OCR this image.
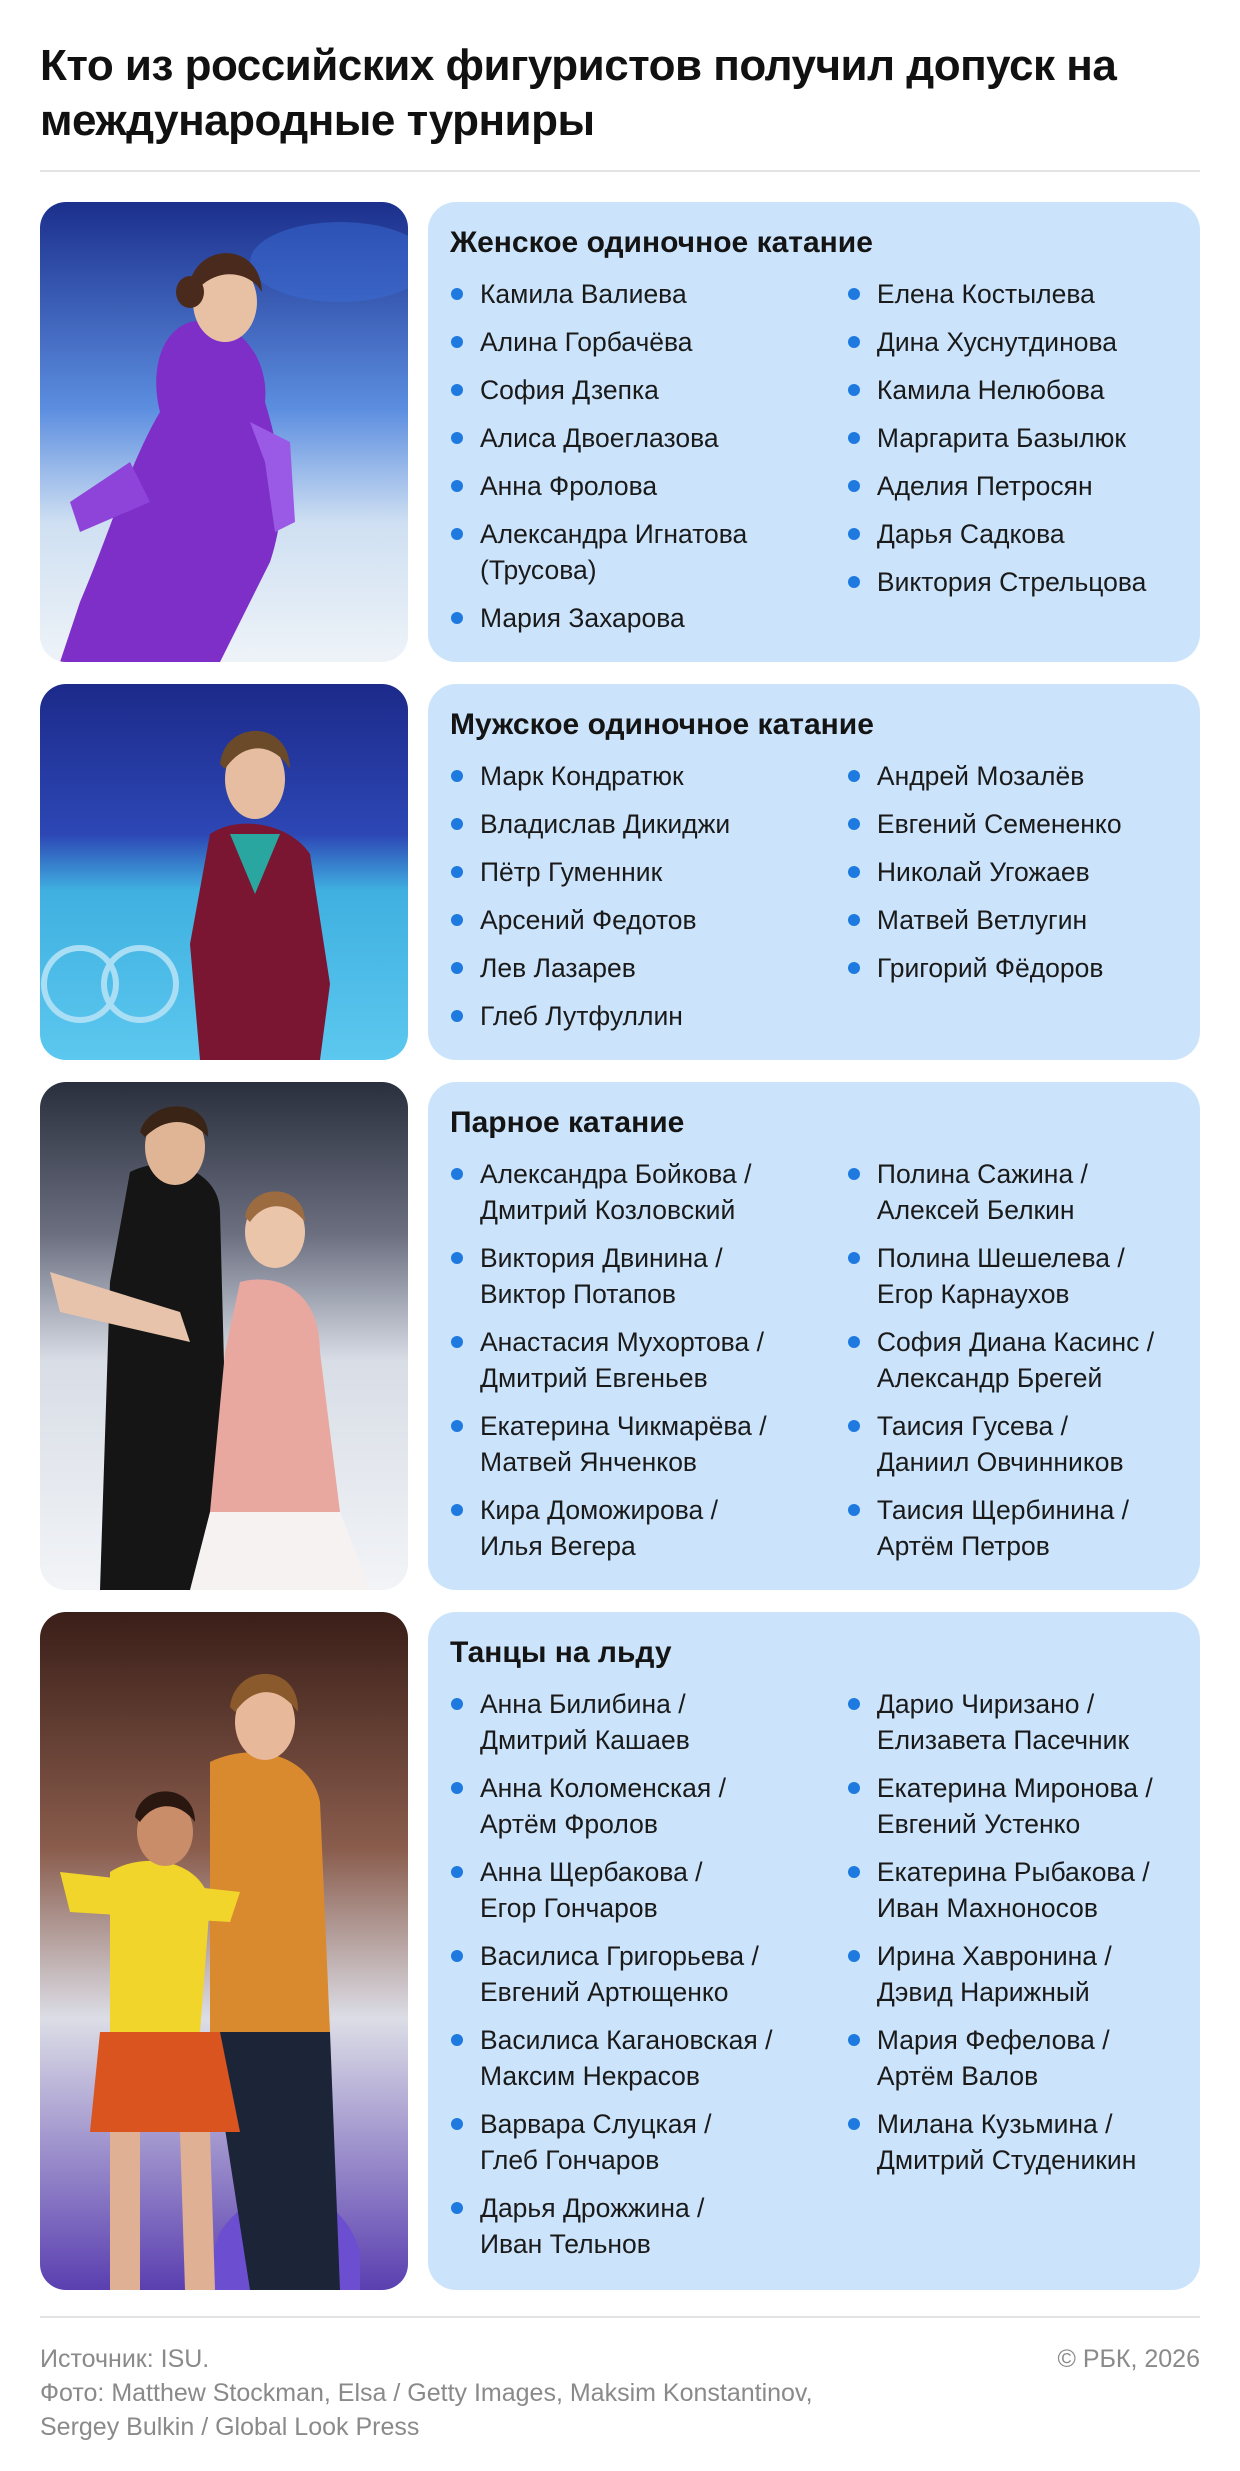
Кто из российских фигуристов получил допуск на международные турниры
Женское одиночное катание
Камила Валиева
Алина Горбачёва
София Дзепка
Алиса Двоеглазова
Анна Фролова
Александра Игнатова (Трусова)
Мария Захарова
Елена Костылева
Дина Хуснутдинова
Камила Нелюбова
Маргарита Базылюк
Аделия Петросян
Дарья Садкова
Виктория Стрельцова
Мужское одиночное катание
Марк Кондратюк
Владислав Дикиджи
Пётр Гуменник
Арсений Федотов
Лев Лазарев
Глеб Лутфуллин
Андрей Мозалёв
Евгений Семененко
Николай Угожаев
Матвей Ветлугин
Григорий Фёдоров
Парное катание
Александра Бойкова /
Дмитрий Козловский
Виктория Двинина /
Виктор Потапов
Анастасия Мухортова /
Дмитрий Евгеньев
Екатерина Чикмарёва /
Матвей Янченков
Кира Доможирова /
Илья Вегера
Полина Сажина /
Алексей Белкин
Полина Шешелева /
Егор Карнаухов
София Диана Касинс /
Александр Брегей
Таисия Гусева /
Даниил Овчинников
Таисия Щербинина /
Артём Петров
Танцы на льду
Анна Билибина /
Дмитрий Кашаев
Анна Коломенская /
Артём Фролов
Анна Щербакова /
Егор Гончаров
Василиса Григорьева /
Евгений Артющенко
Василиса Кагановская /
Максим Некрасов
Варвара Слуцкая /
Глеб Гончаров
Дарья Дрожжина /
Иван Тельнов
Дарио Чиризано /
Елизавета Пасечник
Екатерина Миронова /
Евгений Устенко
Екатерина Рыбакова /
Иван Махноносов
Ирина Хавронина /
Дэвид Нарижный
Мария Фефелова /
Артём Валов
Милана Кузьмина /
Дмитрий Студеникин
Источник: ISU.
Фото: Matthew Stockman, Elsa / Getty Images, Maksim Konstantinov,
Sergey Bulkin / Global Look Press
© РБК, 2026
